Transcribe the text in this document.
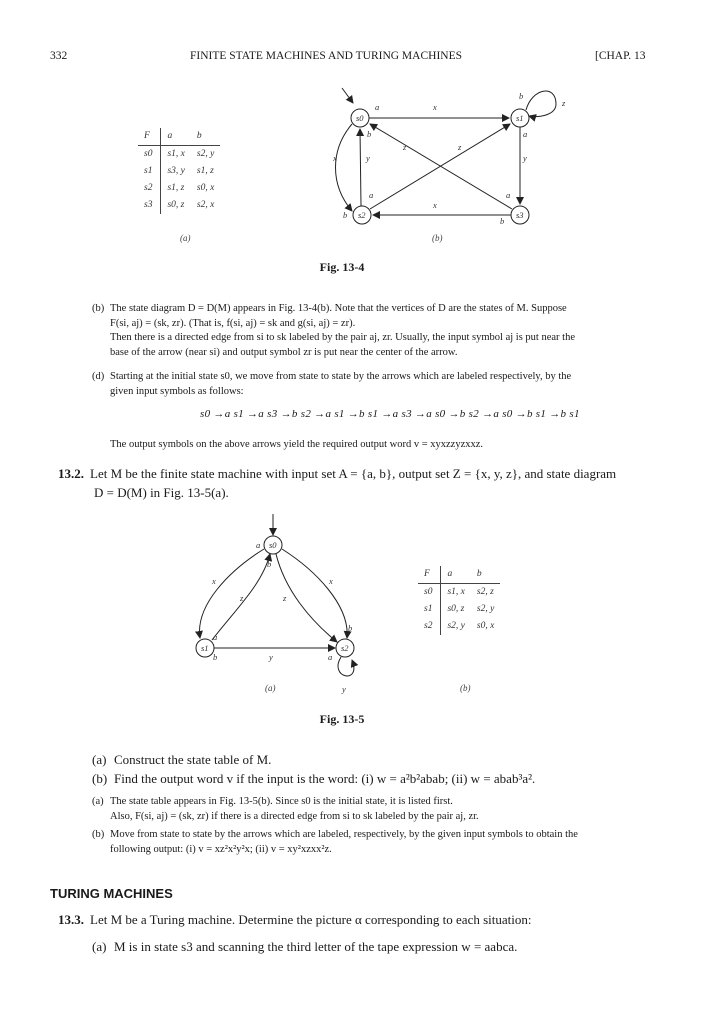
332	FINITE STATE MACHINES AND TURING MACHINES	[CHAP. 13
F	a	b
s0	s1, x	s2, y
s1	s3, y	s1, z
s2	s1, z	s0, x
s3	s0, z	s2, x
(a)
s0	s1
s2	s3
a	x
b
z
b
z	z
x	y
a
y
a
x
b
a
b
s0
s1	s2
a
b
x	x
z	z
a
b	y
b
a
y
(b)
Fig. 13-4
(b) The state diagram D = D(M) appears in Fig. 13-4(b). Note that the vertices of D are the states of M. Suppose
F(si, aj) = (sk, zr). (That is, f(si, aj) = sk and g(si, aj) = zr).
Then there is a directed edge from si to sk labeled by the pair aj, zr. Usually, the input symbol aj is put near the
base of the arrow (near si) and output symbol zr is put near the center of the arrow.
(d) Starting at the initial state s0, we move from state to state by the arrows which are labeled respectively, by the
given input symbols as follows:
s0 →a s1 →a s3 →b s2 →a s1 →b s1 →a s3 →a s0 →b s2 →a s0 →b s1 →b s1
The output symbols on the above arrows yield the required output word v = xyxzzyzxxz.
13.2. Let M be the finite state machine with input set A = {a, b}, output set Z = {x, y, z}, and state diagram
D = D(M) in Fig. 13-5(a).
F	a	b
s0	s1, x	s2, z
s1	s0, z	s2, y
s2	s2, y	s0, x
(a)	(b)
Fig. 13-5
(a) Construct the state table of M.
(b) Find the output word v if the input is the word: (i) w = a²b²abab; (ii) w = abab³a².
(a) The state table appears in Fig. 13-5(b). Since s0 is the initial state, it is listed first.
Also, F(si, aj) = (sk, zr) if there is a directed edge from si to sk labeled by the pair aj, zr.
(b) Move from state to state by the arrows which are labeled, respectively, by the given input symbols to obtain the
following output: (i) v = xz²x²y²x; (ii) v = xy²xzxx²z.
TURING MACHINES
13.3. Let M be a Turing machine. Determine the picture α corresponding to each situation:
(a) M is in state s3 and scanning the third letter of the tape expression w = aabca.
